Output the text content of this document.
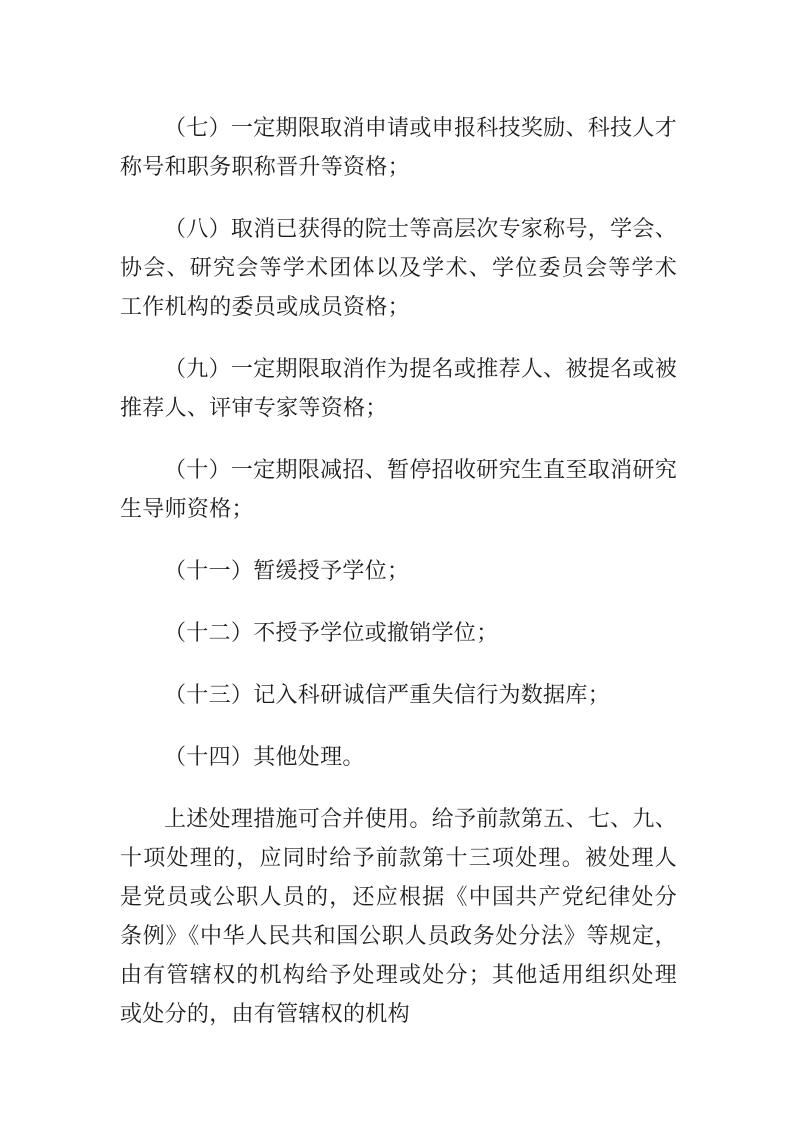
（七）一定期限取消申请或申报科技奖励、科技人才称号和职务职称晋升等资格；

（八）取消已获得的院士等高层次专家称号，学会、协会、研究会等学术团体以及学术、学位委员会等学术工作机构的委员或成员资格；

（九）一定期限取消作为提名或推荐人、被提名或被推荐人、评审专家等资格；

（十）一定期限减招、暂停招收研究生直至取消研究生导师资格；

（十一）暂缓授予学位；

（十二）不授予学位或撤销学位；

（十三）记入科研诚信严重失信行为数据库；

（十四）其他处理。

上述处理措施可合并使用。给予前款第五、七、九、十项处理的，应同时给予前款第十三项处理。被处理人是党员或公职人员的，还应根据《中国共产党纪律处分条例》《中华人民共和国公职人员政务处分法》等规定，由有管辖权的机构给予处理或处分；其他适用组织处理或处分的，由有管辖权的机构
